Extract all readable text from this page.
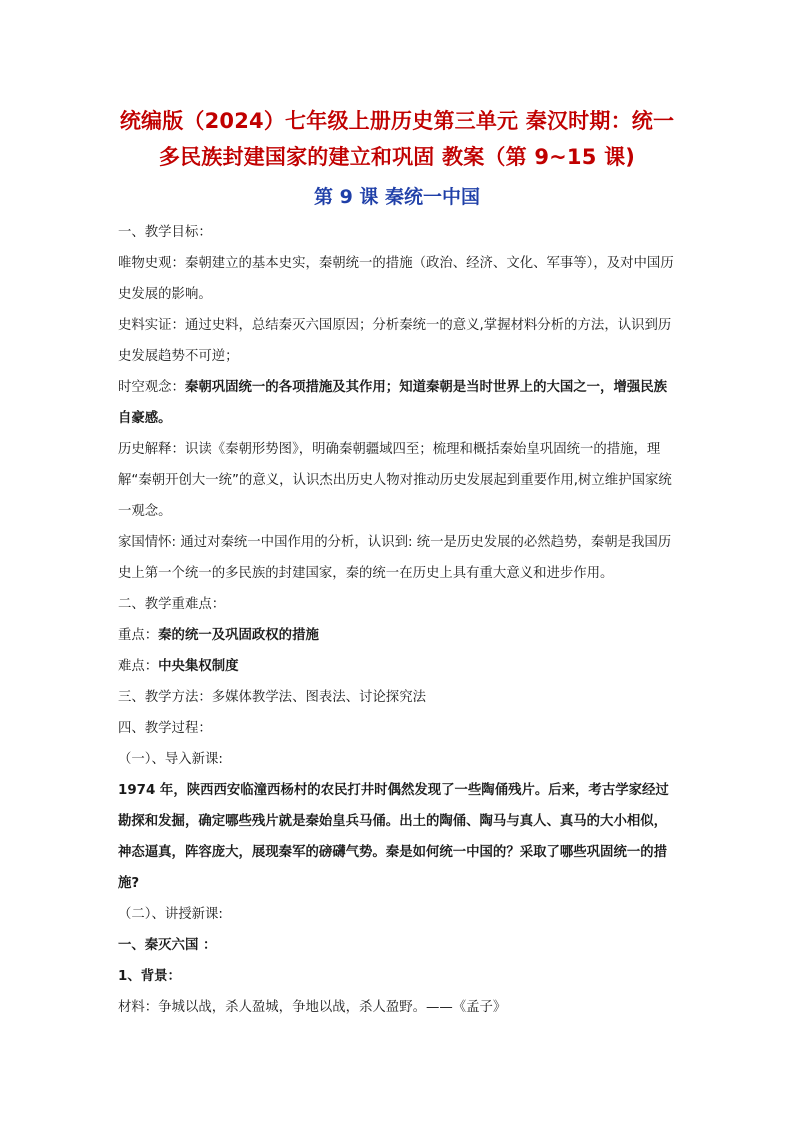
统编版（2024）七年级上册历史第三单元 秦汉时期：统一
多民族封建国家的建立和巩固 教案（第 9~15 课)
第 9 课 秦统一中国

一、教学目标：

唯物史观：秦朝建立的基本史实，秦朝统一的措施（政治、经济、文化、军事等），及对中国历史发展的影响。

史料实证：通过史料，总结秦灭六国原因；分析秦统一的意义,掌握材料分析的方法，认识到历史发展趋势不可逆；

时空观念：秦朝巩固统一的各项措施及其作用；知道秦朝是当时世界上的大国之一，增强民族自豪感。

历史解释：识读《秦朝形势图》，明确秦朝疆域四至；梳理和概括秦始皇巩固统一的措施，理解“秦朝开创大一统”的意义，认识杰出历史人物对推动历史发展起到重要作用,树立维护国家统一观念。

家国情怀: 通过对秦统一中国作用的分析，认识到: 统一是历史发展的必然趋势，秦朝是我国历史上第一个统一的多民族的封建国家，秦的统一在历史上具有重大意义和进步作用。

二、教学重难点：

重点：秦的统一及巩固政权的措施

难点：中央集权制度

三、教学方法：多媒体教学法、图表法、讨论探究法

四、教学过程：

（一）、导入新课:

1974 年，陕西西安临潼西杨村的农民打井时偶然发现了一些陶俑残片。后来，考古学家经过勘探和发掘，确定哪些残片就是秦始皇兵马俑。出土的陶俑、陶马与真人、真马的大小相似，神态逼真，阵容庞大，展现秦军的磅礴气势。秦是如何统一中国的？采取了哪些巩固统一的措施?

（二）、讲授新课:

一、秦灭六国 ：

1、背景：

材料：争城以战，杀人盈城，争地以战，杀人盈野。——《孟子》
